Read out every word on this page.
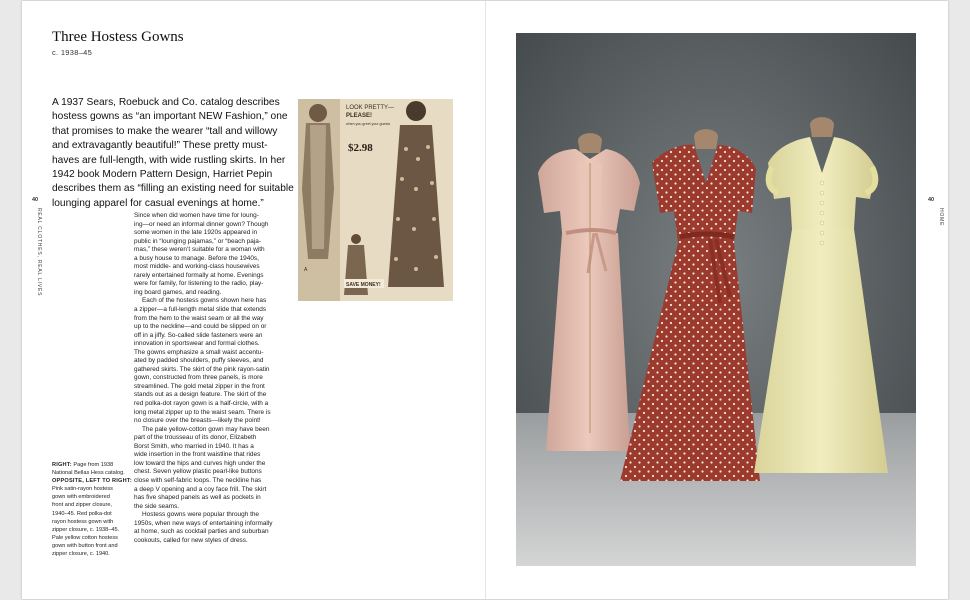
Three Hostess Gowns
c. 1938–45
A 1937 Sears, Roebuck and Co. catalog describes
hostess gowns as “an important NEW Fashion,” one
that promises to make the wearer “tall and willowy
and extravagantly beautiful!” These pretty must-
haves are full-length, with wide rustling skirts. In her
1942 book Modern Pattern Design, Harriet Pepin
describes them as “filling an existing need for suitable
lounging apparel for casual evenings at home.”
Since when did women have time for loung-
ing—or need an informal dinner gown? Though
some women in the late 1920s appeared in
public in “lounging pajamas,” or “beach paja-
mas,” these weren’t suitable for a woman with
a busy house to manage. Before the 1940s,
most middle- and working-class housewives
rarely entertained formally at home. Evenings
were for family, for listening to the radio, play-
ing board games, and reading.
Each of the hostess gowns shown here has
a zipper—a full-length metal slide that extends
from the hem to the waist seam or all the way
up to the neckline—and could be slipped on or
off in a jiffy. So-called slide fasteners were an
innovation in sportswear and formal clothes.
The gowns emphasize a small waist accentu-
ated by padded shoulders, puffy sleeves, and
gathered skirts. The skirt of the pink rayon-satin
gown, constructed from three panels, is more
streamlined. The gold metal zipper in the front
stands out as a design feature. The skirt of the
red polka-dot rayon gown is a half-circle, with a
long metal zipper up to the waist seam. There is
no closure over the breasts—likely the point!
The pale yellow-cotton gown may have been
part of the trousseau of its donor, Elizabeth
Borst Smith, who married in 1940. It has a
wide insertion in the front waistline that rides
low toward the hips and curves high under the
chest. Seven yellow plastic pearl-like buttons
close with self-fabric loops. The neckline has
a deep V opening and a coy face frill. The skirt
has five shaped panels as well as pockets in
the side seams.
Hostess gowns were popular through the
1950s, when new ways of entertaining informally
at home, such as cocktail parties and suburban
cookouts, called for new styles of dress.
RIGHT: Page from 1938
National Bellas Hess catalog.
OPPOSITE, LEFT TO RIGHT:
Pink satin-rayon hostess
gown with embroidered
front and zipper closure,
1940–45. Red polka-dot
rayon hostess gown with
zipper closure, c. 1938–45.
Pale yellow cotton hostess
gown with button front and
zipper closure, c. 1940.
40
REAL CLOTHES, REAL LIVES
40
HOME
A
LOOK PRETTY—
PLEASE!
when you greet your guests
$2.98
SAVE MONEY!
